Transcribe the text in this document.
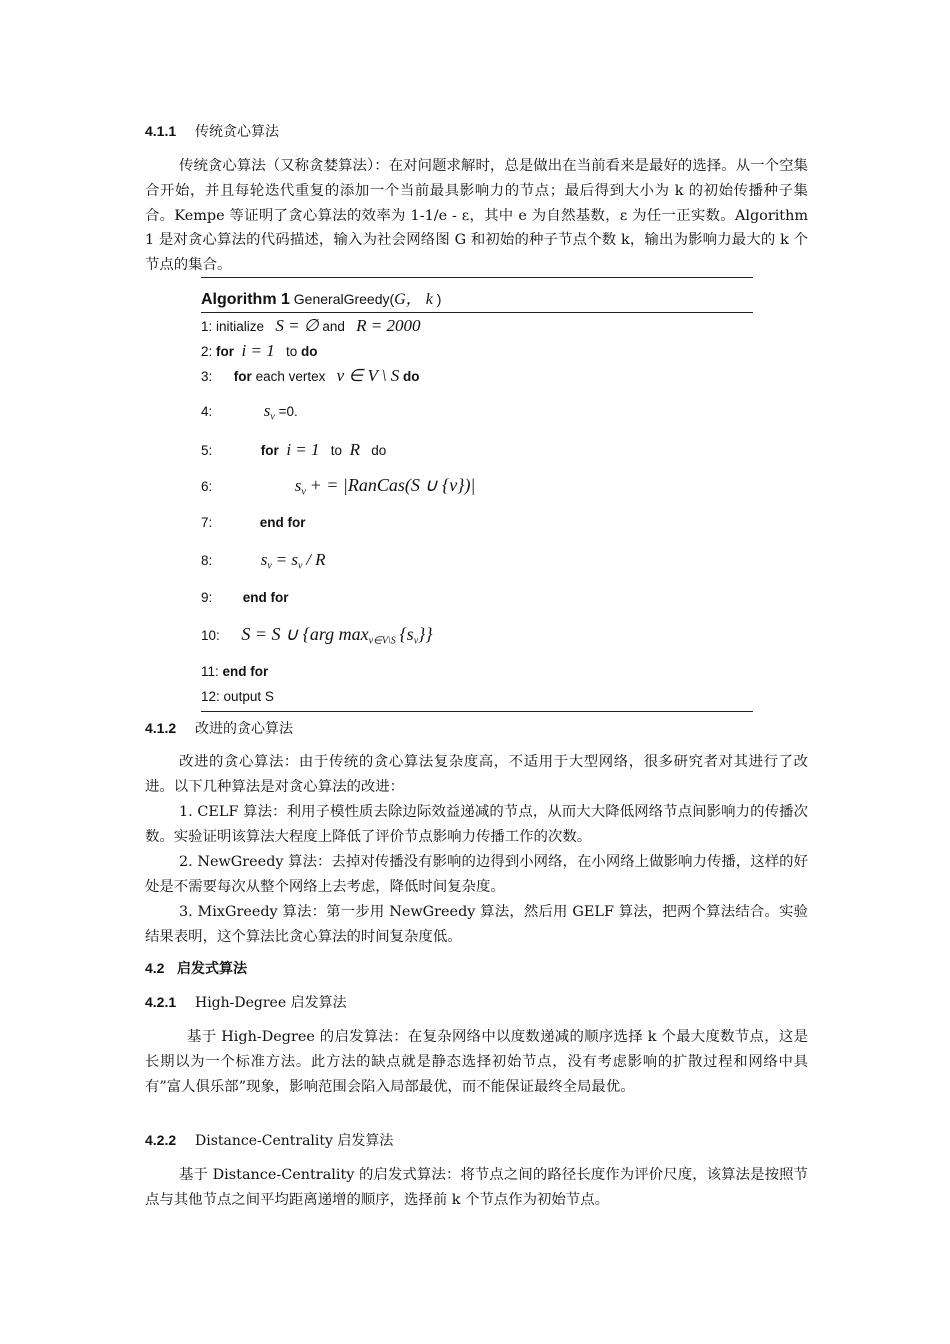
4.1.1 传统贪心算法

传统贪心算法（又称贪婪算法）：在对问题求解时，总是做出在当前看来是最好的选择。从一个空集合开始，并且每轮迭代重复的添加一个当前最具影响力的节点；最后得到大小为 k 的初始传播种子集合。Kempe 等证明了贪心算法的效率为 1-1/e - ε，其中 e 为自然基数，ε 为任一正实数。Algorithm 1 是对贪心算法的代码描述，输入为社会网络图 G 和初始的种子节点个数 k，输出为影响力最大的 k 个节点的集合。

Algorithm 1 GeneralGreedy(G， k )
1: initialize S = ∅ and R = 2000
2: for i = 1 to do
3: for each vertex v ∈ V \ S do
4:	$s_v =0$.
5:	for i = 1 to R do
6:	$s_v$ + = |RanCas(S ∪ {v})|
7:	end for
8:	$s_v = s_v / R$
9: end for
10: S = S ∪ {arg $\max_{v\in V\backslash S} \{s_v\}$}
11: end for
12: output S
4.1.2 改进的贪心算法

改进的贪心算法：由于传统的贪心算法复杂度高，不适用于大型网络，很多研究者对其进行了改进。以下几种算法是对贪心算法的改进：

1. CELF 算法：利用子模性质去除边际效益递减的节点，从而大大降低网络节点间影响力的传播次数。实验证明该算法大程度上降低了评价节点影响力传播工作的次数。

2. NewGreedy 算法：去掉对传播没有影响的边得到小网络，在小网络上做影响力传播，这样的好处是不需要每次从整个网络上去考虑，降低时间复杂度。

3. MixGreedy 算法：第一步用 NewGreedy 算法，然后用 GELF 算法，把两个算法结合。实验结果表明，这个算法比贪心算法的时间复杂度低。

4.2 启发式算法
4.2.1 High-Degree 启发算法

基于 High-Degree 的启发算法：在复杂网络中以度数递减的顺序选择 k 个最大度数节点，这是长期以为一个标准方法。此方法的缺点就是静态选择初始节点，没有考虑影响的扩散过程和网络中具有”富人俱乐部”现象，影响范围会陷入局部最优，而不能保证最终全局最优。

4.2.2 Distance-Centrality 启发算法

基于 Distance-Centrality 的启发式算法：将节点之间的路径长度作为评价尺度，该算法是按照节点与其他节点之间平均距离递增的顺序，选择前 k 个节点作为初始节点。
